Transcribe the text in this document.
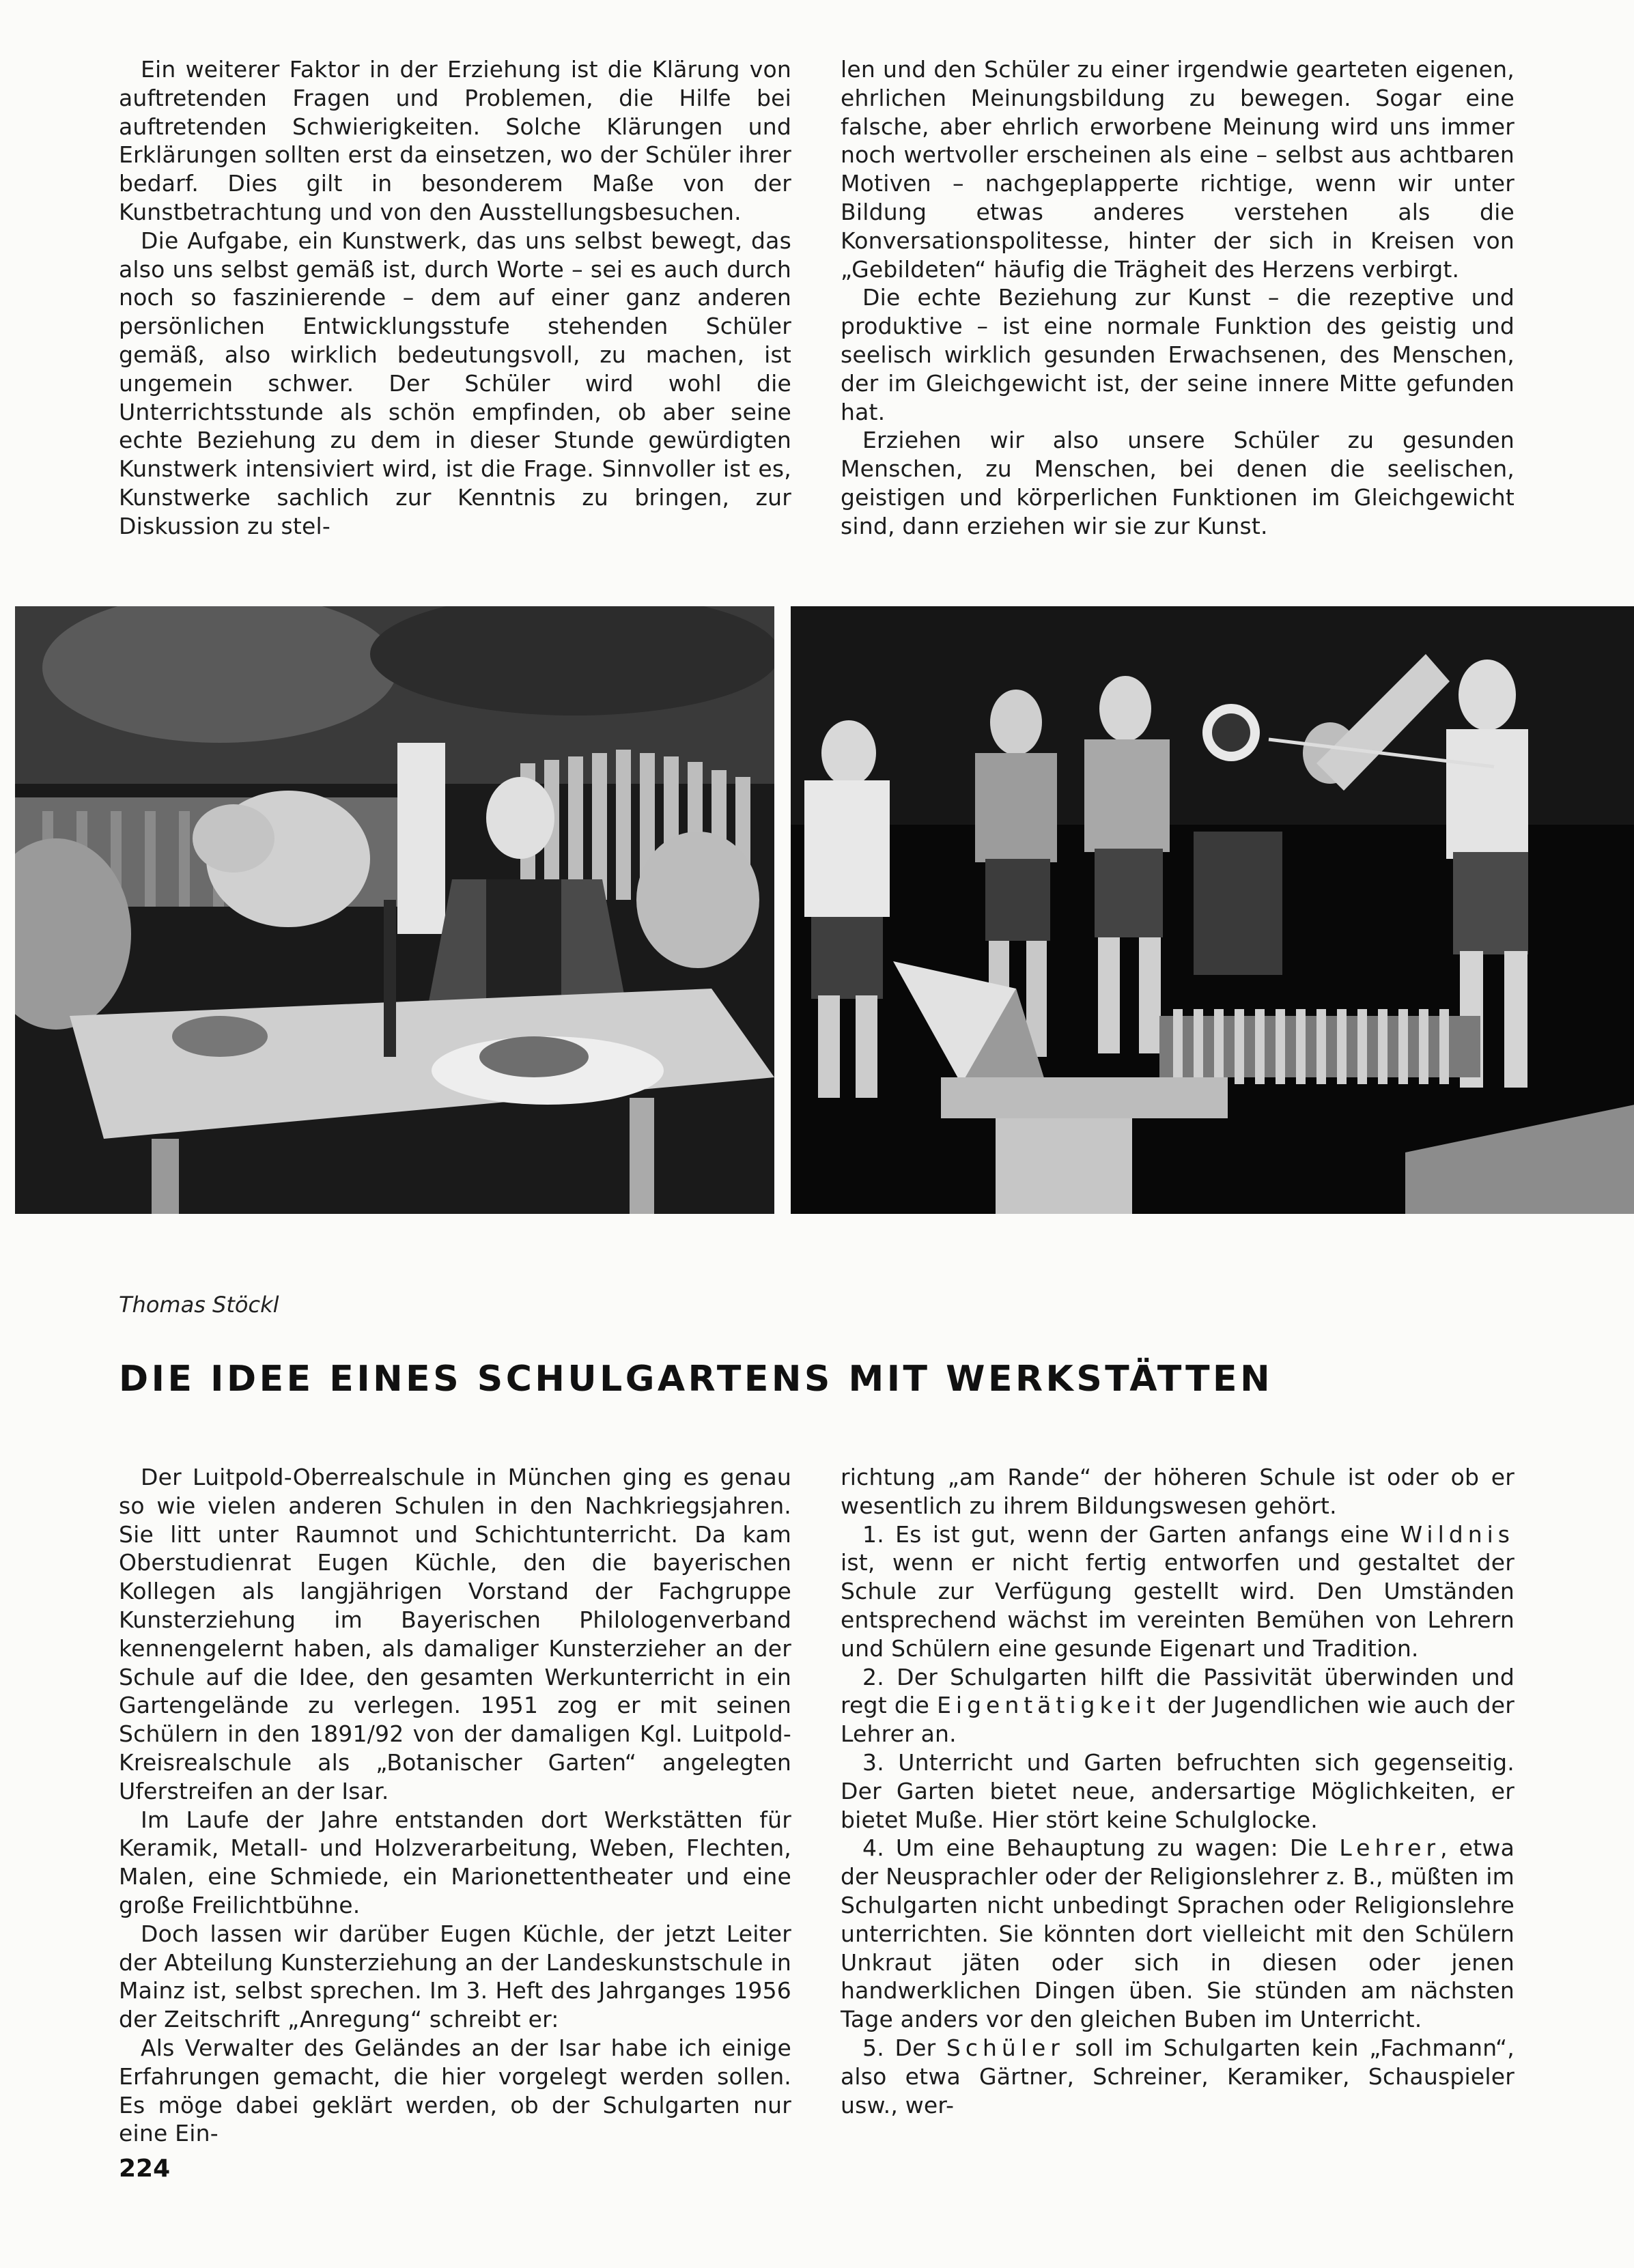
Ein weiterer Faktor in der Erziehung ist die Klärung von auftretenden Fragen und Problemen, die Hilfe bei auftretenden Schwierigkeiten. Solche Klärungen und Erklärungen sollten erst da einsetzen, wo der Schüler ihrer bedarf. Dies gilt in besonderem Maße von der Kunstbetrachtung und von den Ausstellungsbesuchen.

Die Aufgabe, ein Kunstwerk, das uns selbst bewegt, das also uns selbst gemäß ist, durch Worte – sei es auch durch noch so faszinierende – dem auf einer ganz anderen persönlichen Entwicklungsstufe stehenden Schüler gemäß, also wirklich bedeutungsvoll, zu machen, ist ungemein schwer. Der Schüler wird wohl die Unterrichtsstunde als schön empfinden, ob aber seine echte Beziehung zu dem in dieser Stunde gewürdigten Kunstwerk intensiviert wird, ist die Frage. Sinnvoller ist es, Kunstwerke sachlich zur Kenntnis zu bringen, zur Diskussion zu stel-

len und den Schüler zu einer irgendwie gearteten eigenen, ehrlichen Meinungsbildung zu bewegen. Sogar eine falsche, aber ehrlich erworbene Meinung wird uns immer noch wertvoller erscheinen als eine – selbst aus achtbaren Motiven – nachgeplapperte richtige, wenn wir unter Bildung etwas anderes verstehen als die Konversationspolitesse, hinter der sich in Kreisen von „Gebildeten“ häufig die Trägheit des Herzens verbirgt.

Die echte Beziehung zur Kunst – die rezeptive und produktive – ist eine normale Funktion des geistig und seelisch wirklich gesunden Erwachsenen, des Menschen, der im Gleichgewicht ist, der seine innere Mitte gefunden hat.

Erziehen wir also unsere Schüler zu gesunden Menschen, zu Menschen, bei denen die seelischen, geistigen und körperlichen Funktionen im Gleichgewicht sind, dann erziehen wir sie zur Kunst.

Thomas Stöckl
DIE IDEE EINES SCHULGARTENS MIT WERKSTÄTTEN

Der Luitpold-Oberrealschule in München ging es genau so wie vielen anderen Schulen in den Nachkriegsjahren. Sie litt unter Raumnot und Schichtunterricht. Da kam Oberstudienrat Eugen Küchle, den die bayerischen Kollegen als langjährigen Vorstand der Fachgruppe Kunsterziehung im Bayerischen Philologenverband kennengelernt haben, als damaliger Kunsterzieher an der Schule auf die Idee, den gesamten Werkunterricht in ein Gartengelände zu verlegen. 1951 zog er mit seinen Schülern in den 1891/92 von der damaligen Kgl. Luitpold-Kreisrealschule als „Botanischer Garten“ angelegten Uferstreifen an der Isar.

Im Laufe der Jahre entstanden dort Werkstätten für Keramik, Metall- und Holzverarbeitung, Weben, Flechten, Malen, eine Schmiede, ein Marionettentheater und eine große Freilichtbühne.

Doch lassen wir darüber Eugen Küchle, der jetzt Leiter der Abteilung Kunsterziehung an der Landeskunstschule in Mainz ist, selbst sprechen. Im 3. Heft des Jahrganges 1956 der Zeitschrift „Anregung“ schreibt er:

Als Verwalter des Geländes an der Isar habe ich einige Erfahrungen gemacht, die hier vorgelegt werden sollen. Es möge dabei geklärt werden, ob der Schulgarten nur eine Ein-

richtung „am Rande“ der höheren Schule ist oder ob er wesentlich zu ihrem Bildungswesen gehört.

1. Es ist gut, wenn der Garten anfangs eine Wildnis ist, wenn er nicht fertig entworfen und gestaltet der Schule zur Verfügung gestellt wird. Den Umständen entsprechend wächst im vereinten Bemühen von Lehrern und Schülern eine gesunde Eigenart und Tradition.

2. Der Schulgarten hilft die Passivität überwinden und regt die Eigentätigkeit der Jugendlichen wie auch der Lehrer an.

3. Unterricht und Garten befruchten sich gegenseitig. Der Garten bietet neue, andersartige Möglichkeiten, er bietet Muße. Hier stört keine Schulglocke.

4. Um eine Behauptung zu wagen: Die Lehrer, etwa der Neusprachler oder der Religionslehrer z. B., müßten im Schulgarten nicht unbedingt Sprachen oder Religionslehre unterrichten. Sie könnten dort vielleicht mit den Schülern Unkraut jäten oder sich in diesen oder jenen handwerklichen Dingen üben. Sie stünden am nächsten Tage anders vor den gleichen Buben im Unterricht.

5. Der Schüler soll im Schulgarten kein „Fachmann“, also etwa Gärtner, Schreiner, Keramiker, Schauspieler usw., wer-

224
